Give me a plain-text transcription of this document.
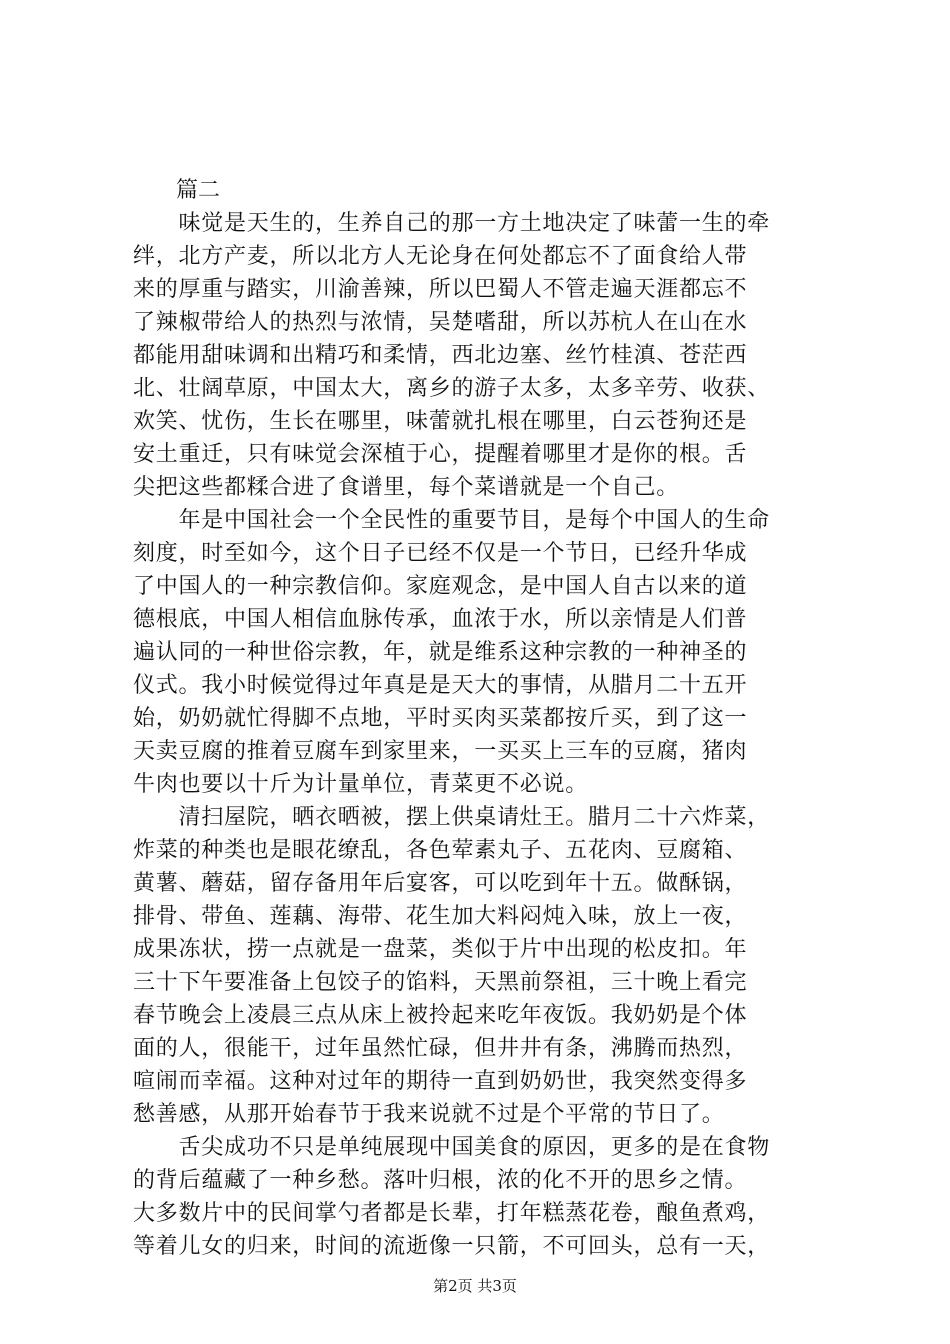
篇二
　　味觉是天生的，生养自己的那一方土地决定了味蕾一生的牵
绊，北方产麦，所以北方人无论身在何处都忘不了面食给人带
来的厚重与踏实，川渝善辣，所以巴蜀人不管走遍天涯都忘不
了辣椒带给人的热烈与浓情，吴楚嗜甜，所以苏杭人在山在水
都能用甜味调和出精巧和柔情，西北边塞、丝竹桂滇、苍茫西
北、壮阔草原，中国太大，离乡的游子太多，太多辛劳、收获、
欢笑、忧伤，生长在哪里，味蕾就扎根在哪里，白云苍狗还是
安土重迁，只有味觉会深植于心，提醒着哪里才是你的根。舌
尖把这些都糅合进了食谱里，每个菜谱就是一个自己。
　　年是中国社会一个全民性的重要节目，是每个中国人的生命
刻度，时至如今，这个日子已经不仅是一个节日，已经升华成
了中国人的一种宗教信仰。家庭观念，是中国人自古以来的道
德根底，中国人相信血脉传承，血浓于水，所以亲情是人们普
遍认同的一种世俗宗教，年，就是维系这种宗教的一种神圣的
仪式。我小时候觉得过年真是是天大的事情，从腊月二十五开
始，奶奶就忙得脚不点地，平时买肉买菜都按斤买，到了这一
天卖豆腐的推着豆腐车到家里来，一买买上三车的豆腐，猪肉
牛肉也要以十斤为计量单位，青菜更不必说。
　　清扫屋院，晒衣晒被，摆上供桌请灶王。腊月二十六炸菜，
炸菜的种类也是眼花缭乱，各色荤素丸子、五花肉、豆腐箱、
黄薯、蘑菇，留存备用年后宴客，可以吃到年十五。做酥锅，
排骨、带鱼、莲藕、海带、花生加大料闷炖入味，放上一夜，
成果冻状，捞一点就是一盘菜，类似于片中出现的松皮扣。年
三十下午要准备上包饺子的馅料，天黑前祭祖，三十晚上看完
春节晚会上凌晨三点从床上被拎起来吃年夜饭。我奶奶是个体
面的人，很能干，过年虽然忙碌，但井井有条，沸腾而热烈，
喧闹而幸福。这种对过年的期待一直到奶奶世，我突然变得多
愁善感，从那开始春节于我来说就不过是个平常的节日了。
　　舌尖成功不只是单纯展现中国美食的原因，更多的是在食物
的背后蕴藏了一种乡愁。落叶归根，浓的化不开的思乡之情。
大多数片中的民间掌勺者都是长辈，打年糕蒸花卷，酿鱼煮鸡，
等着儿女的归来，时间的流逝像一只箭，不可回头，总有一天，
第2页 共3页
